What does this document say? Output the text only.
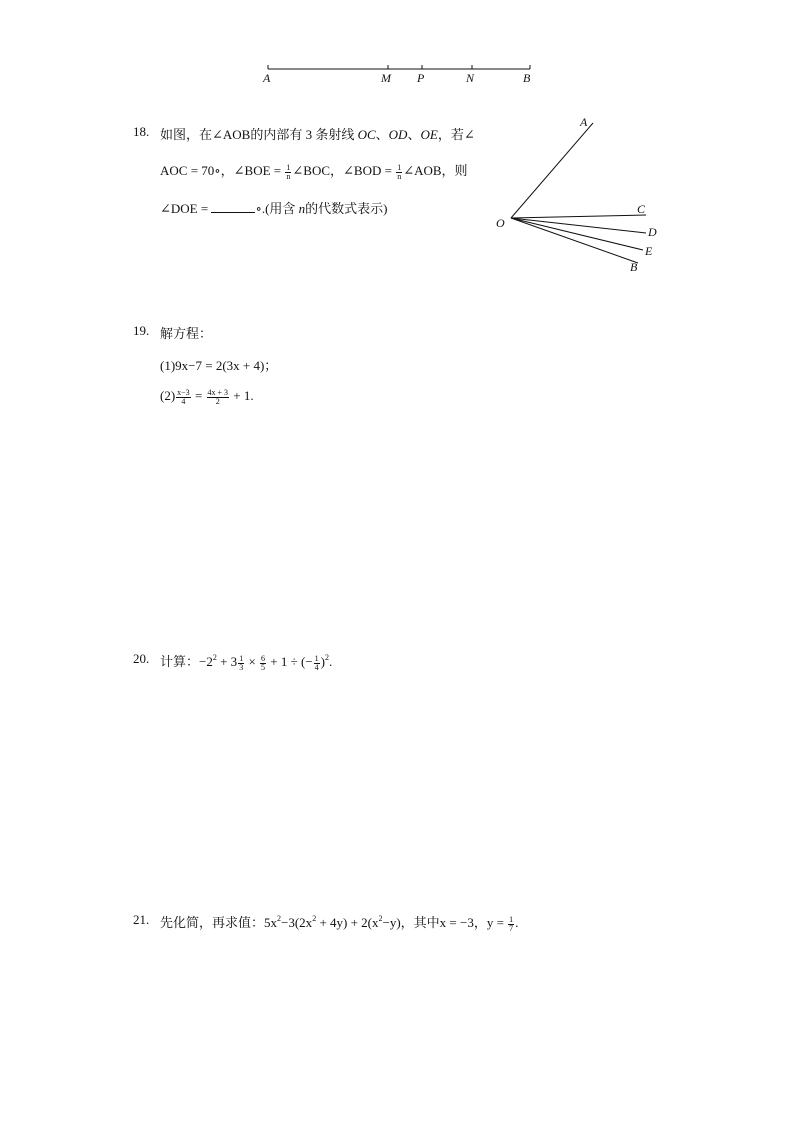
A	M P	N	B
18. 如图，在∠AOB的内部有 3 条射线 OC、OD、OE，若∠
AOC = 70∘，∠BOE = $\frac{1}{n}$ ∠BOC，∠BOD = $\frac{1}{n}$ ∠AOB，则
∠DOE =	∘.(用含 n的代数式表示)
A
O
C
D
E
B
19. 解方程：
(1)9x−7 = 2(3x + 4)；
$(2) \frac{x-3}{4} = \frac{4x + 3}{2} + 1$.
20. 计算：$-2^2 + 3 \frac{1}{3} \times \frac{6}{5} + 1$ ÷ (− $\frac{1}{4} )^2$.
21. 先化简，再求值：$5x^2-3(2x^2 + 4y) + 2(x^2-y)$，其中x = −3，$y = \frac{1}{7}$ .
